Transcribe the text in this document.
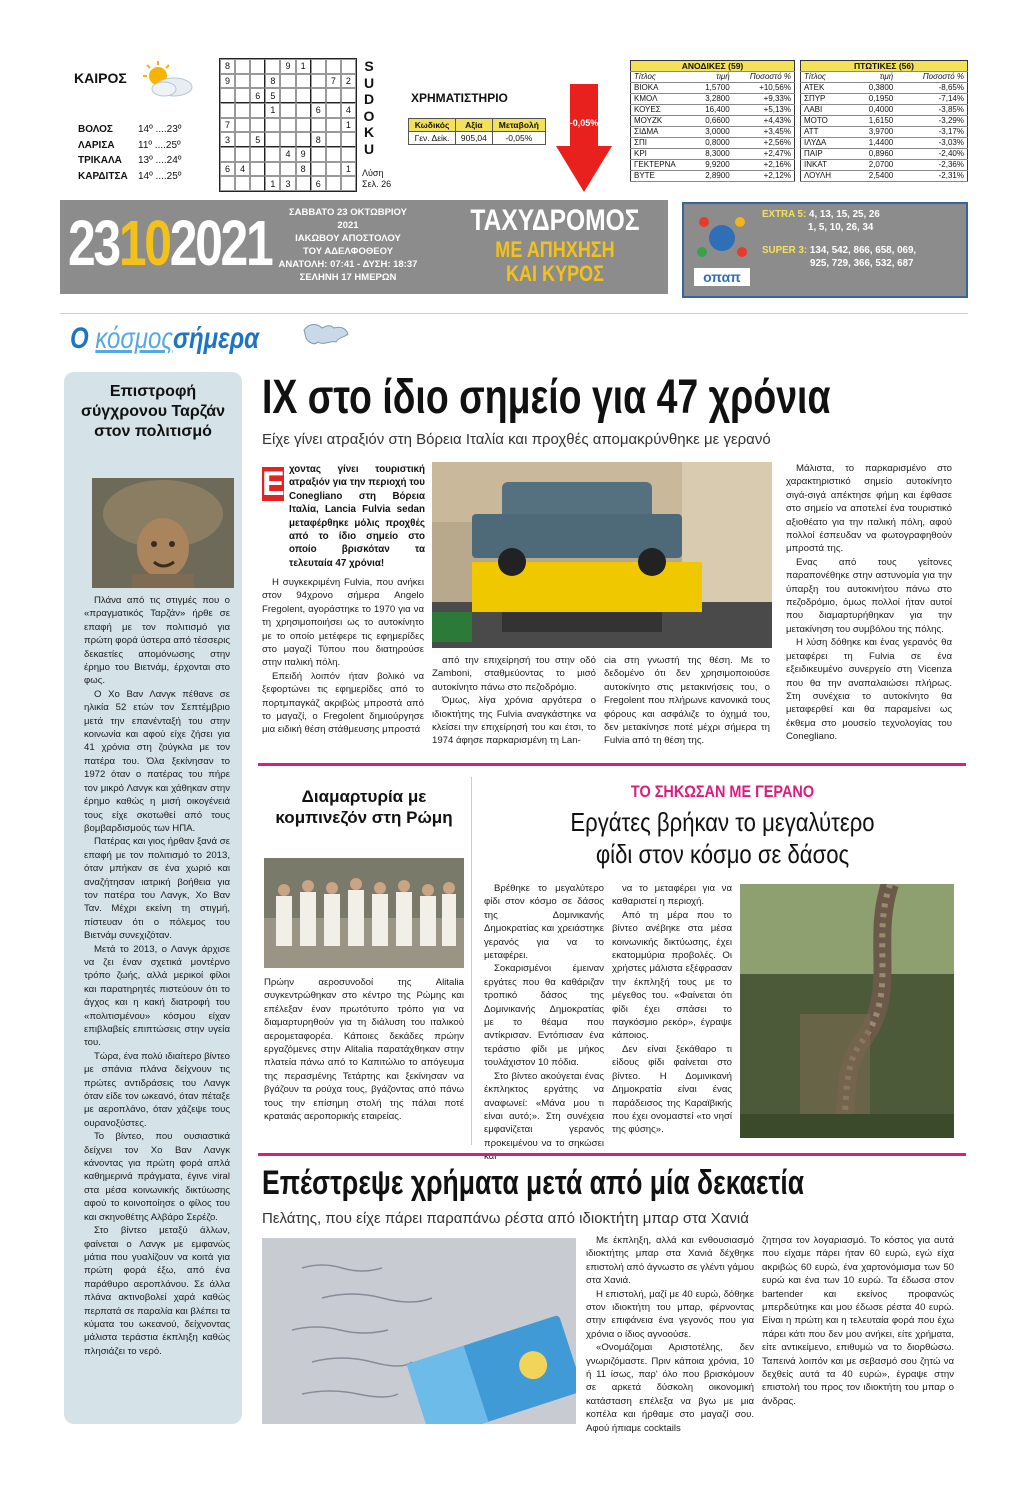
ΚΑΙΡΟΣ
ΒΟΛΟΣ	14º ....23º
ΛΑΡΙΣΑ	11º ....25º
ΤΡΙΚΑΛΑ	13º ....24º
ΚΑΡΔΙΤΣΑ	14º ....25º
8	9	1
9	8	7	2
6	5
1	6	4
7	1
3	5	8
4	9
6	4	8	1
1	3	6
S
U
D
O
K
U
Λύση
Σελ. 26
ΧΡΗΜΑΤΙΣΤΗΡΙΟ
Κωδικός	Αξία	Μεταβολή
Γεν. Δείκ.	905,04	-0,05%
-0,05%
ΑΝΟΔΙΚΕΣ (59)		
Τίτλος	τιμή	Ποσοστό %
ΒΙΟΚΑ	1,5700	+10,56%
ΚΜΟΛ	3,2800	+9,33%
ΚΟΥΕΣ	16,400	+5,13%
ΜΟΥΖΚ	0,6600	+4,43%
ΣΙΔΜΑ	3,0000	+3,45%
ΣΠΙ	0,8000	+2,56%
ΚΡΙ	8,3000	+2,47%
ΓΕΚΤΕΡΝΑ	9,9200	+2,16%
ΒΥΤΕ	2,8900	+2,12%
ΠΤΩΤΙΚΕΣ (56)		
Τίτλος	τιμή	Ποσοστό %
ΑΤΕΚ	0,3800	-8,65%
ΣΠΥΡ	0,1950	-7,14%
ΛΑΒΙ	0,4000	-3,85%
ΜΟΤΟ	1,6150	-3,29%
ΑΤΤ	3,9700	-3,17%
ΙΛΥΔΑ	1,4400	-3,03%
ΠΑΙΡ	0,8960	-2,40%
ΙΝΚΑΤ	2,0700	-2,36%
ΛΟΥΛΗ	2,5400	-2,31%
23102021	ΣΑΒΒΑΤΟ 23 ΟΚΤΩΒΡΙΟΥ 2021
ΙΑΚΩΒΟΥ ΑΠΟΣΤΟΛΟΥ
ΤΟΥ ΑΔΕΛΦΟΘΕΟΥ
ΑΝΑΤΟΛΗ: 07:41 - ΔΥΣΗ: 18:37
ΣΕΛΗΝΗ 17 ΗΜΕΡΩΝ
ΤΑΧΥΔΡΟΜΟΣ
ΜΕ ΑΠΗΧΗΣΗ
ΚΑΙ ΚΥΡΟΣ	οπαπ
EXTRA 5: 4, 13, 15, 25, 26
1, 5, 10, 26, 34
SUPER 3: 134, 542, 866, 658, 069,
925, 729, 366, 532, 687
Ο κόσμοςσήμερα
Επιστροφή σύγχρονου Ταρζάν στον πολιτισμό

Πλάνα από τις στιγμές που ο «πραγματικός Ταρζάν» ήρθε σε επαφή με τον πολιτισμό για πρώτη φορά ύστερα από τέσσερις δεκαετίες απομόνωσης στην έρημο του Βιετνάμ, έρχονται στο φως.

Ο Χο Βαν Λανγκ πέθανε σε ηλικία 52 ετών τον Σεπτέμβριο μετά την επανένταξή του στην κοινωνία και αφού είχε ζήσει για 41 χρόνια στη ζούγκλα με τον πατέρα του. Όλα ξεκίνησαν το 1972 όταν ο πατέρας του πήρε τον μικρό Λανγκ και χάθηκαν στην έρημο καθώς η μισή οικογένειά τους είχε σκοτωθεί από τους βομβαρδισμούς των ΗΠΑ.

Πατέρας και γιος ήρθαν ξανά σε επαφή με τον πολιτισμό το 2013, όταν μπήκαν σε ένα χωριό και αναζήτησαν ιατρική βοήθεια για τον πατέρα του Λανγκ, Χο Βαν Ταν. Μέχρι εκείνη τη στιγμή, πίστευαν ότι ο πόλεμος του Βιετνάμ συνεχιζόταν.

Μετά το 2013, ο Λανγκ άρχισε να ζει έναν σχετικά μοντέρνο τρόπο ζωής, αλλά μερικοί φίλοι και παρατηρητές πιστεύουν ότι το άγχος και η κακή διατροφή του «πολιτισμένου» κόσμου είχαν επιβλαβείς επιπτώσεις στην υγεία του.

Τώρα, ένα πολύ ιδιαίτερο βίντεο με σπάνια πλάνα δείχνουν τις πρώτες αντιδράσεις του Λανγκ όταν είδε τον ωκεανό, όταν πέταξε με αεροπλάνο, όταν χάζεψε τους ουρανοξύστες.

Το βίντεο, που ουσιαστικά δείχνει τον Χο Βαν Λανγκ κάνοντας για πρώτη φορά απλά καθημερινά πράγματα, έγινε viral στα μέσα κοινωνικής δικτύωσης αφού το κοινοποίησε ο φίλος του και σκηνοθέτης Αλβάρο Σερέζο.

Στο βίντεο μεταξύ άλλων, φαίνεται ο Λανγκ με εμφανώς μάτια που γυαλίζουν να κοιτά για πρώτη φορά έξω, από ένα παράθυρο αεροπλάνου. Σε άλλα πλάνα ακτινοβολεί χαρά καθώς περπατά σε παραλία και βλέπει τα κύματα του ωκεανού, δείχνοντας μάλιστα τεράστια έκπληξη καθώς πλησιάζει το νερό.

ΙΧ στο ίδιο σημείο για 47 χρόνια
Είχε γίνει ατραξιόν στη Βόρεια Ιταλία και προχθές απομακρύνθηκε με γερανό
Ε χοντας γίνει τουριστική ατραξιόν για την περιοχή του Conegliano στη Βόρεια Ιταλία, Lancia Fulvia sedan μεταφέρθηκε μόλις προχθές από το ίδιο σημείο στο οποίο βρισκόταν τα τελευταία 47 χρόνια!

Η συγκεκριμένη Fulvia, που ανήκει στον 94χρονο σήμερα Angelo Fregolent, αγοράστηκε το 1970 για να τη χρησιμοποιήσει ως το αυτοκίνητο με το οποίο μετέφερε τις εφημερίδες στο μαγαζί Τύπου που διατηρούσε στην ιταλική πόλη.

Επειδή λοιπόν ήταν βολικό να ξεφορτώνει τις εφημερίδες από το πορτμπαγκάζ ακριβώς μπροστά από το μαγαζί, ο Fregolent δημιούργησε μια ειδική θέση στάθμευσης μπροστά

από την επιχείρησή του στην οδό Zamboni, σταθμεύοντας το μισό αυτοκίνητο πάνω στο πεζοδρόμιο.

Όμως, λίγα χρόνια αργότερα ο ιδιοκτήτης της Fulvia αναγκάστηκε να κλείσει την επιχείρησή του και έτσι, το 1974 άφησε παρκαρισμένη τη Lan-

cia στη γνωστή της θέση. Με το δεδομένο ότι δεν χρησιμοποιούσε αυτοκίνητο στις μετακινήσεις του, ο Fregolent που πλήρωνε κανονικά τους φόρους και ασφάλιζε το όχημά του, δεν μετακίνησε ποτέ μέχρι σήμερα τη Fulvia από τη θέση της.

Μάλιστα, το παρκαρισμένο στο χαρακτηριστικό σημείο αυτοκίνητο σιγά-σιγά απέκτησε φήμη και έφθασε στο σημείο να αποτελεί ένα τουριστικό αξιοθέατο για την ιταλική πόλη, αφού πολλοί έσπευδαν να φωτογραφηθούν μπροστά της.

Ενας από τους γείτονες παραπονέθηκε στην αστυνομία για την ύπαρξη του αυτοκινήτου πάνω στο πεζοδρόμιο, όμως πολλοί ήταν αυτοί που διαμαρτυρήθηκαν για την μετακίνηση του συμβόλου της πόλης.

Η λύση δόθηκε και ένας γερανός θα μεταφέρει τη Fulvia σε ένα εξειδικευμένο συνεργείο στη Vicenza που θα την αναπαλαιώσει πλήρως. Στη συνέχεια το αυτοκίνητο θα μεταφερθεί και θα παραμείνει ως έκθεμα στο μουσείο τεχνολογίας του Conegliano.

Διαμαρτυρία με κομπινεζόν στη Ρώμη
Πρώην αεροσυνοδοί της Alitalia συγκεντρώθηκαν στο κέντρο της Ρώμης και επέλεξαν έναν πρωτότυπο τρόπο για να διαμαρτυρηθούν για τη διάλυση του ιταλικού αερομεταφορέα. Κάποιες δεκάδες πρώην εργαζόμενες στην Alitalia παρατάχθηκαν στην πλατεία πάνω από το Καπιτώλιο το απόγευμα της περασμένης Τετάρτης και ξεκίνησαν να βγάζουν τα ρούχα τους, βγάζοντας από πάνω τους την επίσημη στολή της πάλαι ποτέ κραταιάς αεροπορικής εταιρείας.
ΤΟ ΣΗΚΩΣΑΝ ΜΕ ΓΕΡΑΝΟ
Εργάτες βρήκαν το μεγαλύτερο
φίδι στον κόσμο σε δάσος

Βρέθηκε το μεγαλύτερο φίδι στον κόσμο σε δάσος της Δομινικανής Δημοκρατίας και χρειάστηκε γερανός για να το μεταφέρει.

Σοκαρισμένοι έμειναν εργάτες που θα καθάριζαν τροπικό δάσος της Δομινικανής Δημοκρατίας με το θέαμα που αντίκρισαν. Εντόπισαν ένα τεράστιο φίδι με μήκος τουλάχιστον 10 πόδια.

Στο βίντεο ακούγεται ένας έκπληκτος εργάτης να αναφωνεί: «Μάνα μου τι είναι αυτό;». Στη συνέχεια εμφανίζεται γερανός προκειμένου να το σηκώσει και

να το μεταφέρει για να καθαριστεί η περιοχή.

Από τη μέρα που το βίντεο ανέβηκε στα μέσα κοινωνικής δικτύωσης, έχει εκατομμύρια προβολές. Οι χρήστες μάλιστα εξέφρασαν την έκπληξή τους με το μέγεθος του. «Φαίνεται ότι φίδι έχει σπάσει το παγκόσμιο ρεκόρ», έγραψε κάποιος.

Δεν είναι ξεκάθαρο τι είδους φίδι φαίνεται στο βίντεο. Η Δομινικανή Δημοκρατία είναι ένας παράδεισος της Καραϊβικής που έχει ονομαστεί «το νησί της φύσης».

Επέστρεψε χρήματα μετά από μία δεκαετία
Πελάτης, που είχε πάρει παραπάνω ρέστα από ιδιοκτήτη μπαρ στα Χανιά

Με έκπληξη, αλλά και ενθουσιασμό ιδιοκτήτης μπαρ στα Χανιά δέχθηκε επιστολή από άγνωστο σε γλέντι γάμου στα Χανιά.

Η επιστολή, μαζί με 40 ευρώ, δόθηκε στον ιδιοκτήτη του μπαρ, φέρνοντας στην επιφάνεια ένα γεγονός που για χρόνια ο ίδιος αγνοούσε.

«Ονομάζομαι Αριστοτέλης, δεν γνωριζόμαστε. Πριν κάποια χρόνια, 10 ή 11 ίσως, παρ' όλο που βρισκόμουν σε αρκετά δύσκολη οικονομική κατάσταση επέλεξα να βγω με μια κοπέλα και ήρθαμε στο μαγαζί σου. Αφού ήπιαμε cocktails

ζητησα τον λογαριασμό. Το κόστος για αυτά που είχαμε πάρει ήταν 60 ευρώ, εγώ είχα ακριβώς 60 ευρώ, ένα χαρτονόμισμα των 50 ευρώ και ένα των 10 ευρώ. Τα έδωσα στον bartender και εκείνος προφανώς μπερδεύτηκε και μου έδωσε ρέστα 40 ευρώ. Είναι η πρώτη και η τελευταία φορά που έχω πάρει κάτι που δεν μου ανήκει, είτε χρήματα, είτε αντικείμενο, επιθυμώ να το διορθώσω. Ταπεινά λοιπόν και με σεβασμό σου ζητώ να δεχθείς αυτά τα 40 ευρώ», έγραψε στην επιστολή του προς τον ιδιοκτήτη του μπαρ ο άνδρας.
